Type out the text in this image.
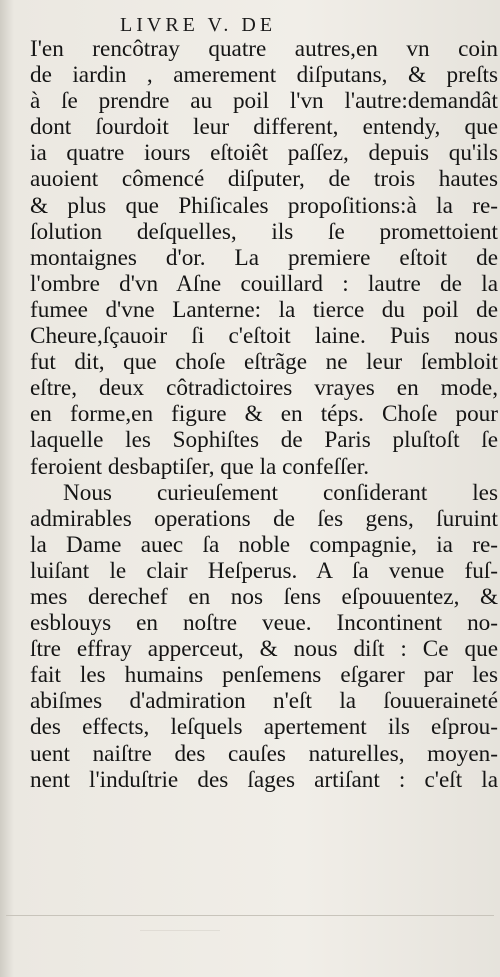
LIVRE V. DE
I'en rencôtray quatre autres,en vn coin
de iardin , amerement diſputans, & preſts
à ſe prendre au poil l'vn l'autre:demandât
dont ſourdoit leur different, entendy, que
ia quatre iours eſtoiêt paſſez, depuis qu'ils
auoient cômencé diſputer, de trois hautes
& plus que Phiſicales propoſitions:à la re-
ſolution deſquelles, ils ſe promettoient
montaignes d'or. La premiere eſtoit de
l'ombre d'vn Aſne couillard : lautre de la
fumee d'vne Lanterne: la tierce du poil de
Cheure,ſçauoir ſi c'eſtoit laine. Puis nous
fut dit, que choſe eſtrãge ne leur ſembloit
eſtre, deux côtradictoires vrayes en mode,
en forme,en figure & en téps. Choſe pour
laquelle les Sophiſtes de Paris pluſtoſt ſe
feroient desbaptiſer, que la confeſſer.
Nous curieuſement conſiderant les
admirables operations de ſes gens, ſuruint
la Dame auec ſa noble compagnie, ia re-
luiſant le clair Heſperus. A ſa venue fuſ-
mes derechef en nos ſens eſpouuentez, &
esblouys en noſtre veue. Incontinent no-
ſtre effray apperceut, & nous diſt : Ce que
fait les humains penſemens eſgarer par les
abiſmes d'admiration n'eſt la ſouueraineté
des effects, leſquels apertement ils eſprou-
uent naiſtre des cauſes naturelles, moyen-
nent l'induſtrie des ſages artiſant : c'eſt la
